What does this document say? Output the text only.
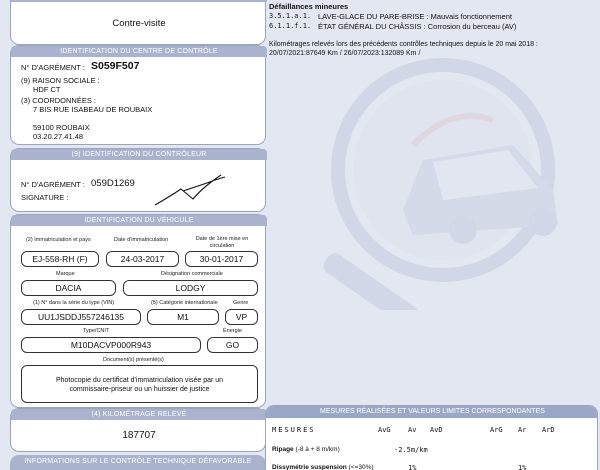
Contre-visite
IDENTIFICATION DU CENTRE DE CONTRÔLE
N° D'AGRÉMENT : S059F507
(9) RAISON SOCIALE :
HDF CT
(3) COORDONNÉES :
7 BIS RUE ISABEAU DE ROUBAIX
59100 ROUBAIX
03.20.27.41.48
(9) IDENTIFICATION DU CONTRÔLEUR
N° D'AGRÉMENT : 059D1269
SIGNATURE :
IDENTIFICATION DU VÉHICULE
(2) Immatriculation et pays	Date d'immatriculation	Date de 1ère mise en circulation
EJ-558-RH (F)	24-03-2017	30-01-2017
Marque	Désignation commerciale
DACIA	LODGY
(1) N° dans la série du type (VIN)	(5) Catégorie internationale	Genre
UU1JSDDJ557246135	M1	VP
Type/CNIT	Énergie
M10DACVP000R943	GO
Document(s) présenté(s)
Photocopie du certificat d'immatriculation visée par un
commissaire-priseur ou un huissier de justice
(4) KILOMÉTRAGE RELEVÉ
187707
INFORMATIONS SUR LE CONTRÔLE TECHNIQUE DÉFAVORABLE
Défaillances mineures
3.5.1.a.1. LAVE-GLACE DU PARE-BRISE : Mauvais fonctionnement
6.1.1.f.1. ÉTAT GÉNÉRAL DU CHÂSSIS : Corrosion du berceau (AV)
Kilométrages relevés lors des précédents contrôles techniques depuis le 20 mai 2018 :
20/07/2021:87649 Km / 26/07/2023:132089 Km /
MESURES RÉALISÉES ET VALEURS LIMITES CORRESPONDANTES
MESURES	AvG Av AvD	ArG Ar ArD
Ripage (-8 à + 8 m/km)	-2.5m/km
Dissymétrie suspension (<=30%)	1%	1%
